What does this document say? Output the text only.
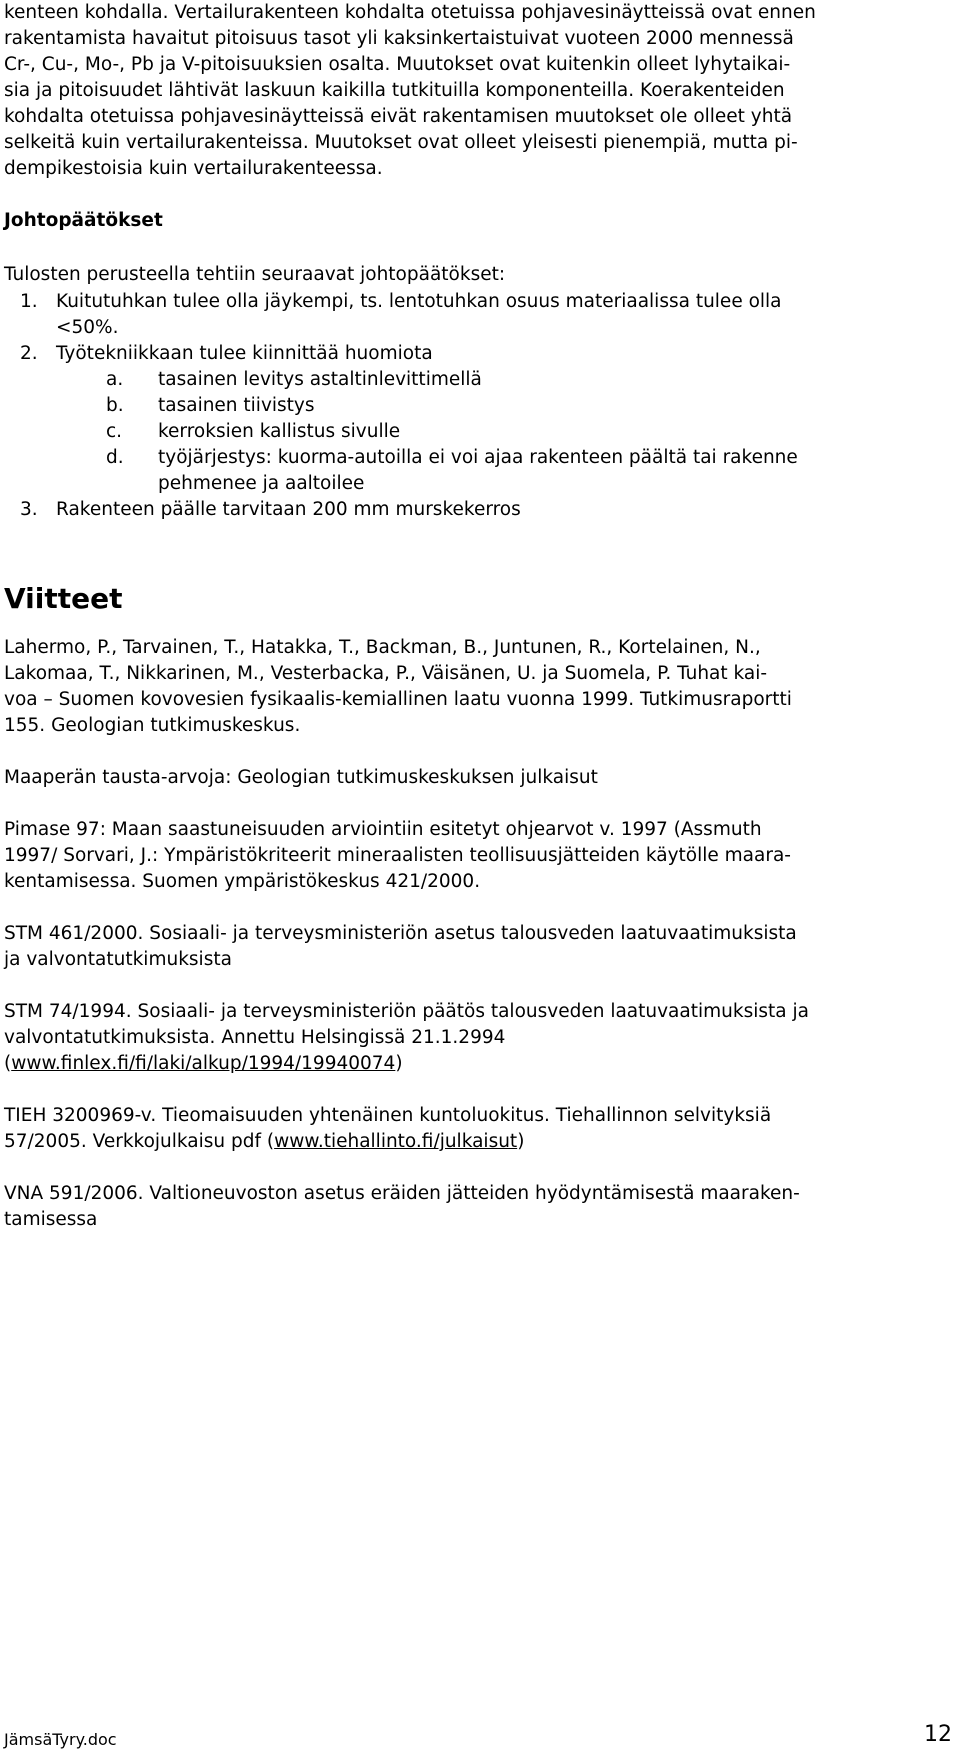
kenteen kohdalla. Vertailurakenteen kohdalta otetuissa pohjavesinäytteissä ovat ennen

rakentamista havaitut pitoisuus tasot yli kaksinkertaistuivat vuoteen 2000 mennessä

Cr-, Cu-, Mo-, Pb ja V-pitoisuuksien osalta. Muutokset ovat kuitenkin olleet lyhytaikai-

sia ja pitoisuudet lähtivät laskuun kaikilla tutkituilla komponenteilla. Koerakenteiden

kohdalta otetuissa pohjavesinäytteissä eivät rakentamisen muutokset ole olleet yhtä

selkeitä kuin vertailurakenteissa. Muutokset ovat olleet yleisesti pienempiä, mutta pi-

dempikestoisia kuin vertailurakenteessa.

Johtopäätökset

Tulosten perusteella tehtiin seuraavat johtopäätökset:

1. Kuitutuhkan tulee olla jäykempi, ts. lentotuhkan osuus materiaalissa tulee olla
<50%.
2. Työtekniikkaan tulee kiinnittää huomiota
a.	tasainen levitys astaltinlevittimellä
b.	tasainen tiivistys
c.	kerroksien kallistus sivulle
d.	työjärjestys: kuorma-autoilla ei voi ajaa rakenteen päältä tai rakenne
pehmenee ja aaltoilee
3. Rakenteen päälle tarvitaan 200 mm murskekerros
Viitteet

Lahermo, P., Tarvainen, T., Hatakka, T., Backman, B., Juntunen, R., Kortelainen, N.,
Lakomaa, T., Nikkarinen, M., Vesterbacka, P., Väisänen, U. ja Suomela, P. Tuhat kai-
voa – Suomen kovovesien fysikaalis-kemiallinen laatu vuonna 1999. Tutkimusraportti
155. Geologian tutkimuskeskus.

Maaperän tausta-arvoja: Geologian tutkimuskeskuksen julkaisut

Pimase 97: Maan saastuneisuuden arviointiin esitetyt ohjearvot v. 1997 (Assmuth
1997/ Sorvari, J.: Ympäristökriteerit mineraalisten teollisuusjätteiden käytölle maara-
kentamisessa. Suomen ympäristökeskus 421/2000.

STM 461/2000. Sosiaali- ja terveysministeriön asetus talousveden laatuvaatimuksista
ja valvontatutkimuksista

STM 74/1994. Sosiaali- ja terveysministeriön päätös talousveden laatuvaatimuksista ja
valvontatutkimuksista. Annettu Helsingissä 21.1.2994
(www.finlex.fi/fi/laki/alkup/1994/19940074)

TIEH 3200969-v. Tieomaisuuden yhtenäinen kuntoluokitus. Tiehallinnon selvityksiä
57/2005. Verkkojulkaisu pdf (www.tiehallinto.fi/julkaisut)

VNA 591/2006. Valtioneuvoston asetus eräiden jätteiden hyödyntämisestä maaraken-
tamisessa

JämsäTyry.doc	12
